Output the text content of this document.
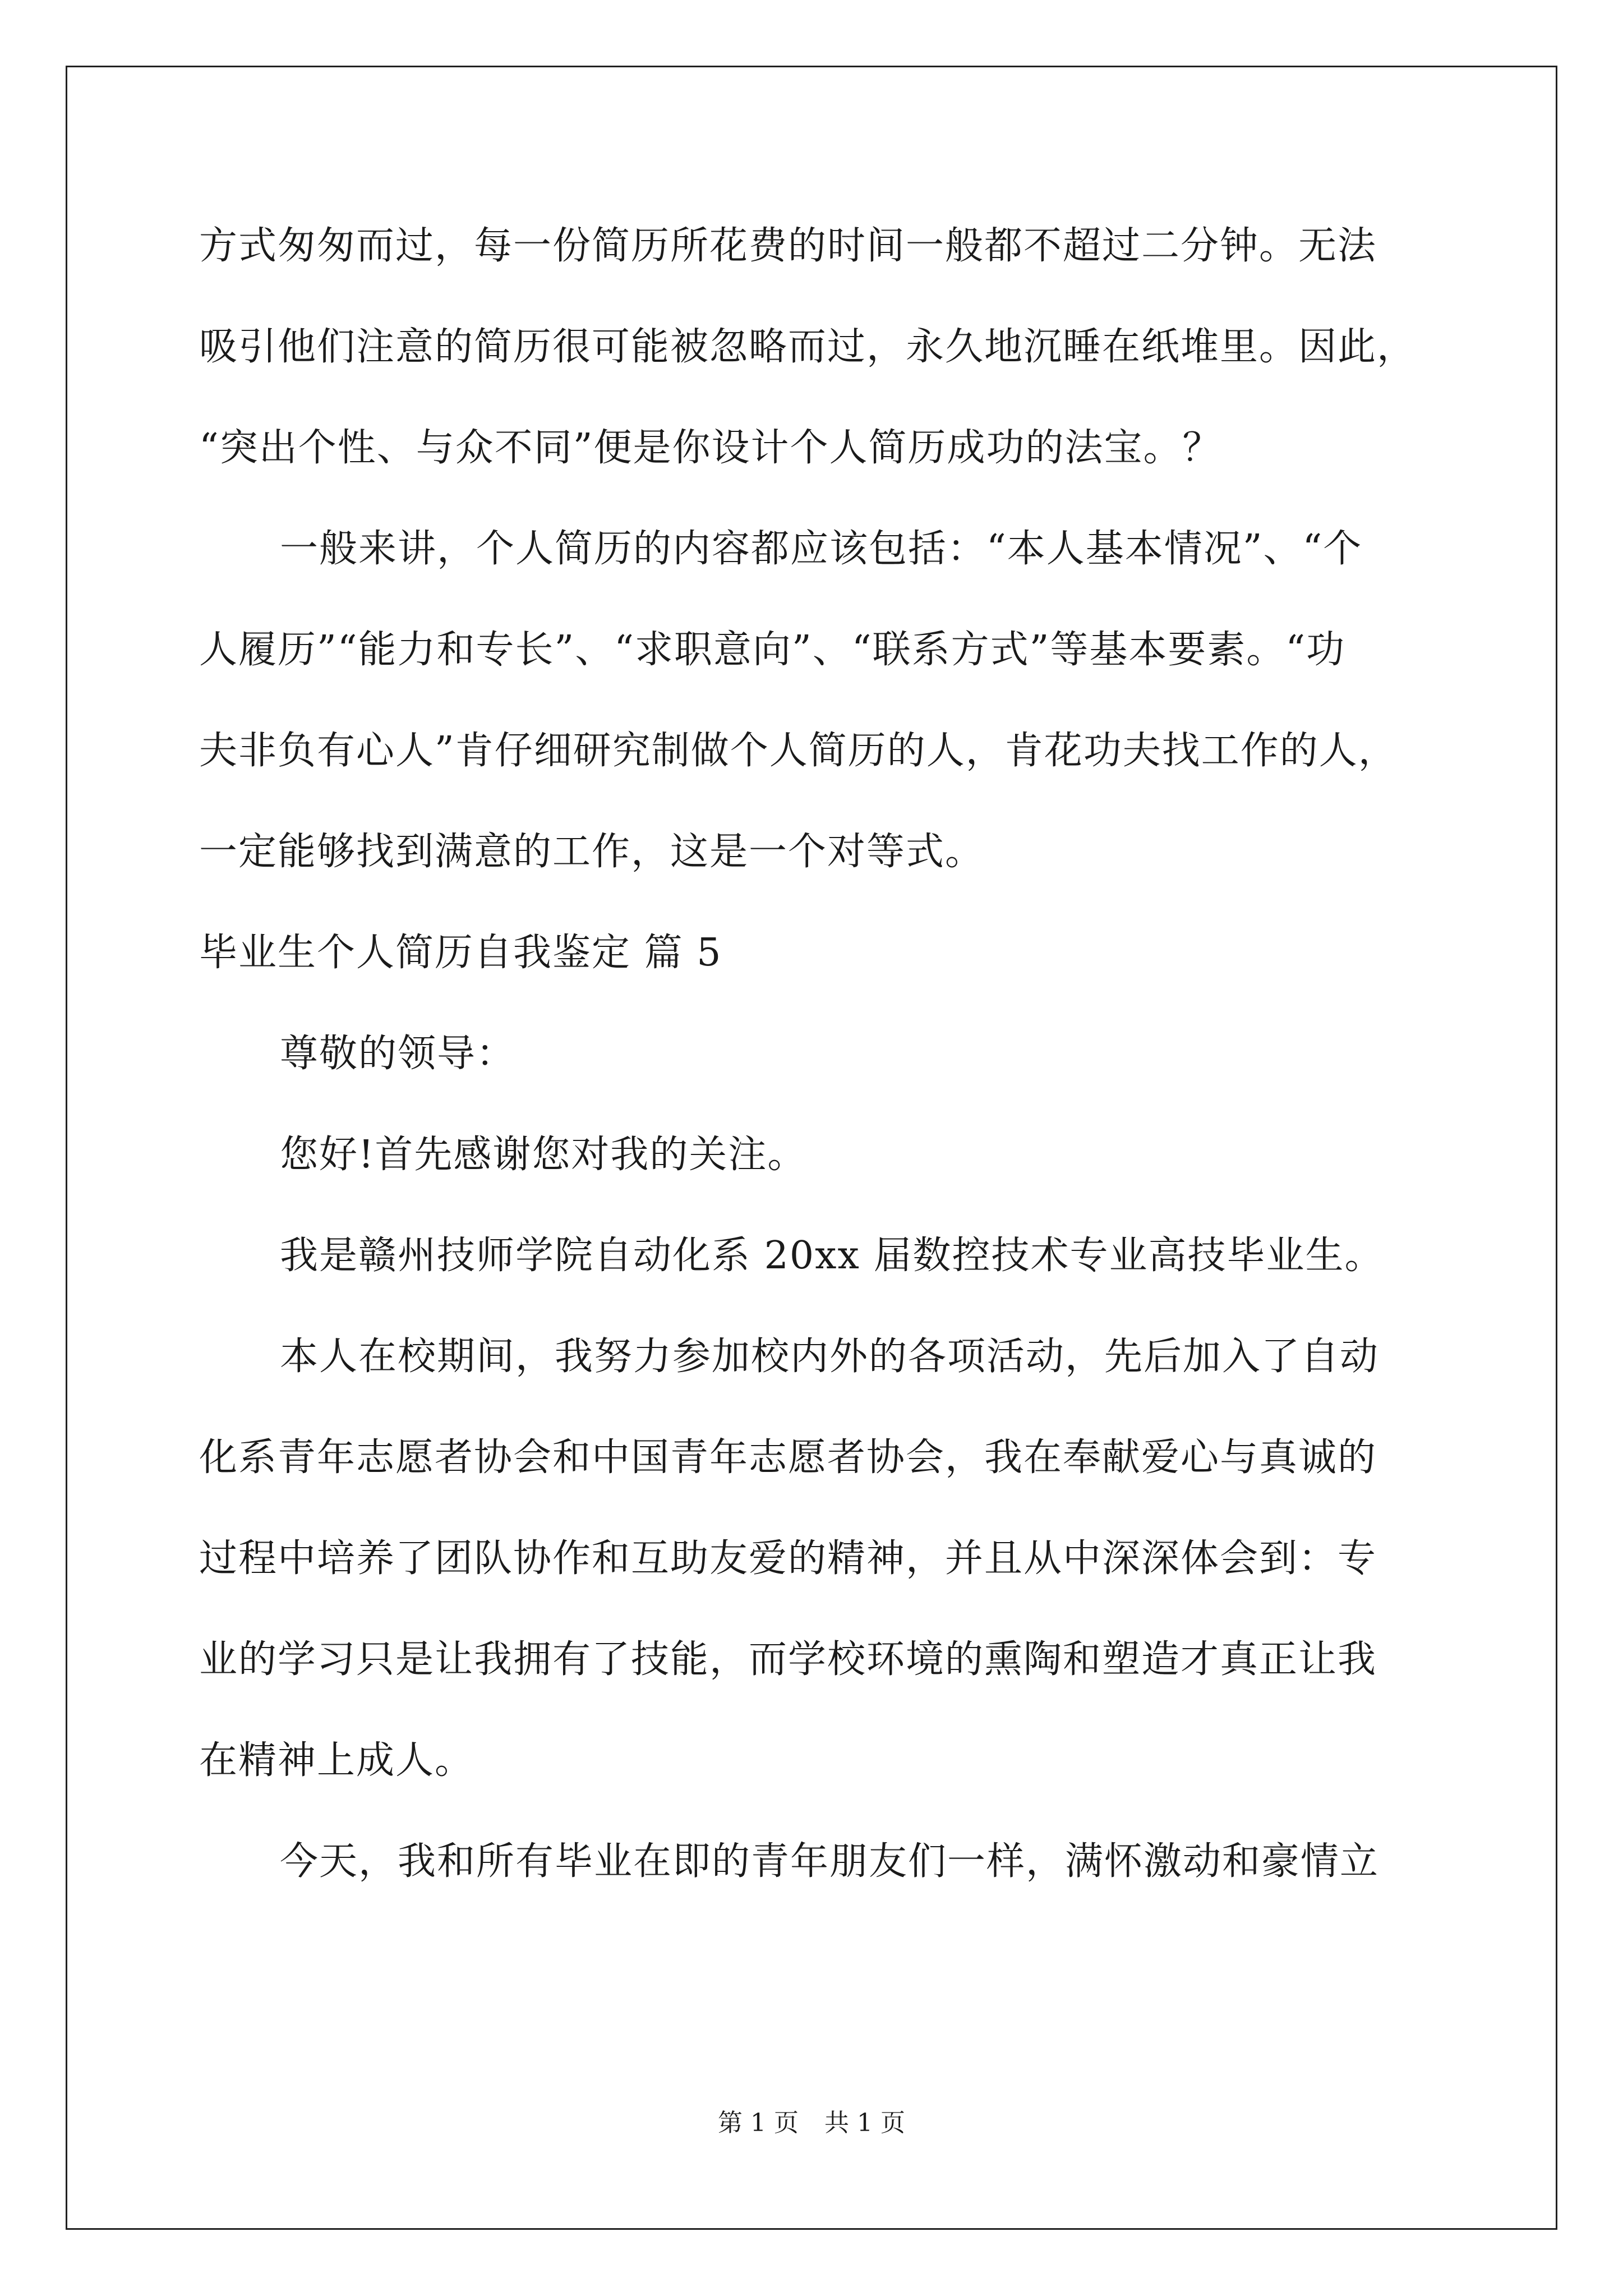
方式匆匆而过，每一份简历所花费的时间一般都不超过二分钟。无法
吸引他们注意的简历很可能被忽略而过，永久地沉睡在纸堆里。因此，
“突出个性、与众不同”便是你设计个人简历成功的法宝。？
一般来讲，个人简历的内容都应该包括：“本人基本情况”、“个
人履历”“能力和专长”、“求职意向”、“联系方式”等基本要素。“功
夫非负有心人”肯仔细研究制做个人简历的人，肯花功夫找工作的人，
一定能够找到满意的工作，这是一个对等式。
毕业生个人简历自我鉴定 篇 5
尊敬的领导：
您好!首先感谢您对我的关注。
我是赣州技师学院自动化系 20xx 届数控技术专业高技毕业生。
本人在校期间，我努力参加校内外的各项活动，先后加入了自动
化系青年志愿者协会和中国青年志愿者协会，我在奉献爱心与真诚的
过程中培养了团队协作和互助友爱的精神，并且从中深深体会到：专
业的学习只是让我拥有了技能，而学校环境的熏陶和塑造才真正让我
在精神上成人。
今天，我和所有毕业在即的青年朋友们一样，满怀激动和豪情立
第 1 页 共 1 页
